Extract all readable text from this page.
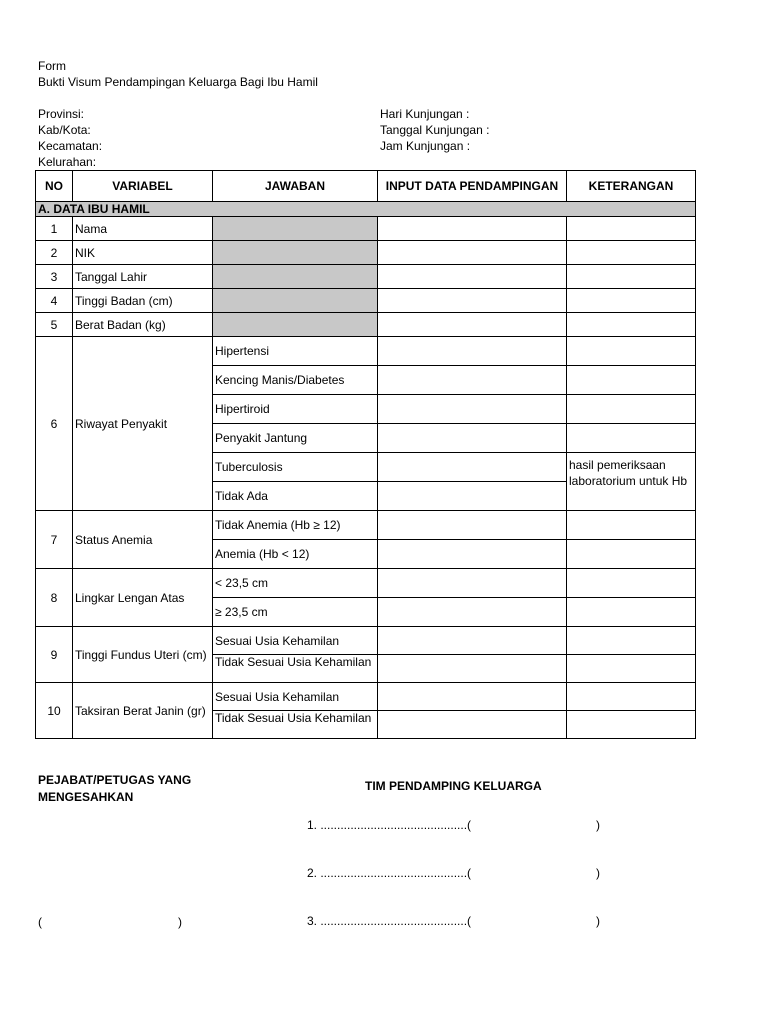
Form
Bukti Visum Pendampingan Keluarga Bagi Ibu Hamil
Provinsi:
Kab/Kota:
Kecamatan:
Kelurahan:
Hari Kunjungan :
Tanggal Kunjungan :
Jam Kunjungan :
NO	VARIABEL	JAWABAN	INPUT DATA PENDAMPINGAN	KETERANGAN
A. DATA IBU HAMIL				
1	Nama			
2	NIK			
3	Tanggal Lahir			
4	Tinggi Badan (cm)			
5	Berat Badan (kg)			
6	Riwayat Penyakit	Hipertensi		
		Kencing Manis/Diabetes		
		Hipertiroid		
		Penyakit Jantung		
		Tuberculosis		hasil pemeriksaan laboratorium untuk Hb
		Tidak Ada		
7	Status Anemia	Tidak Anemia (Hb ≥ 12)		
		Anemia (Hb < 12)		
8	Lingkar Lengan Atas	< 23,5 cm		
		≥ 23,5 cm		
9	Tinggi Fundus Uteri (cm)	Sesuai Usia Kehamilan		
		Tidak Sesuai Usia Kehamilan		
10	Taksiran Berat Janin (gr)	Sesuai Usia Kehamilan		
		Tidak Sesuai Usia Kehamilan		
PEJABAT/PETUGAS YANG MENGESAHKAN
(	)
TIM PENDAMPING KELUARGA
1. ............................................(	)
2. ............................................(	)
3. ............................................(	)
